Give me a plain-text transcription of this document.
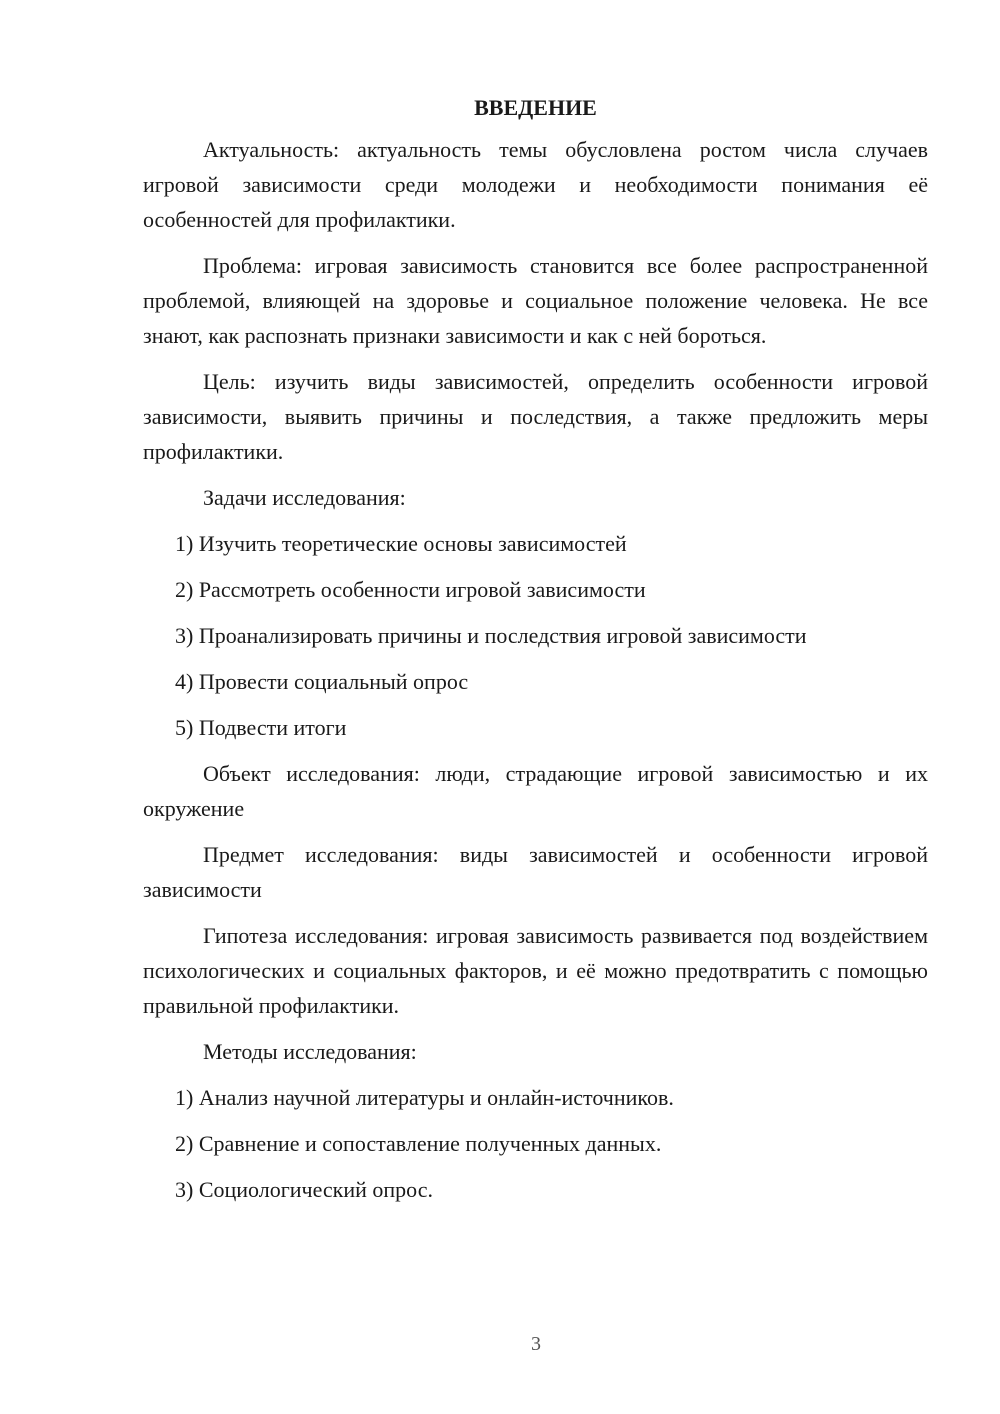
ВВЕДЕНИЕ

Актуальность: актуальность темы обусловлена ростом числа случаев игровой зависимости среди молодежи и необходимости понимания её особенностей для профилактики.

Проблема: игровая зависимость становится все более распространенной проблемой, влияющей на здоровье и социальное положение человека. Не все знают, как распознать признаки зависимости и как с ней бороться.

Цель: изучить виды зависимостей, определить особенности игровой зависимости, выявить причины и последствия, а также предложить меры профилактики.

Задачи исследования:

1) Изучить теоретические основы зависимостей
2) Рассмотреть особенности игровой зависимости
3) Проанализировать причины и последствия игровой зависимости
4) Провести социальный опрос
5) Подвести итоги

Объект исследования: люди, страдающие игровой зависимостью и их окружение

Предмет исследования: виды зависимостей и особенности игровой зависимости

Гипотеза исследования: игровая зависимость развивается под воздействием психологических и социальных факторов, и её можно предотвратить с помощью правильной профилактики.

Методы исследования:

1) Анализ научной литературы и онлайн-источников.
2) Сравнение и сопоставление полученных данных.
3) Социологический опрос.
3
